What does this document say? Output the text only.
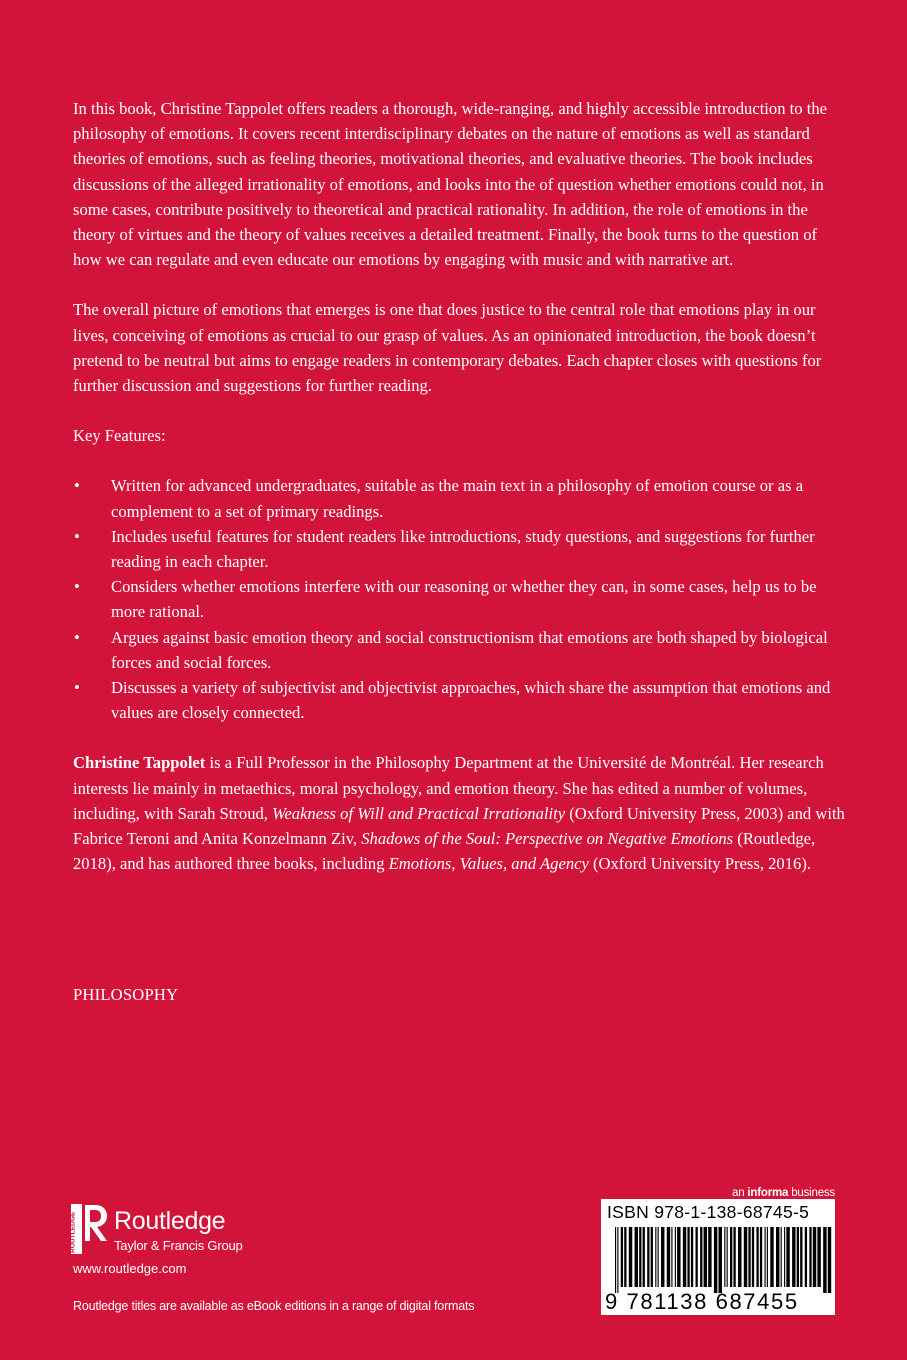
In this book, Christine Tappolet offers readers a thorough, wide-ranging, and highly accessible introduction to the philosophy of emotions. It covers recent interdisciplinary debates on the nature of emotions as well as standard theories of emotions, such as feeling theories, motivational theories, and evaluative theories. The book includes discussions of the alleged irrationality of emotions, and looks into the of question whether emotions could not, in some cases, contribute positively to theoretical and practical rationality. In addition, the role of emotions in the theory of virtues and the theory of values receives a detailed treatment. Finally, the book turns to the question of how we can regulate and even educate our emotions by engaging with music and with narrative art.

The overall picture of emotions that emerges is one that does justice to the central role that emotions play in our lives, conceiving of emotions as crucial to our grasp of values. As an opinionated introduction, the book doesn’t pretend to be neutral but aims to engage readers in contemporary debates. Each chapter closes with questions for further discussion and suggestions for further reading.

Key Features:

• Written for advanced undergraduates, suitable as the main text in a philosophy of emotion course or as a complement to a set of primary readings.
• Includes useful features for student readers like introductions, study questions, and suggestions for further reading in each chapter.
• Considers whether emotions interfere with our reasoning or whether they can, in some cases, help us to be more rational.
• Argues against basic emotion theory and social constructionism that emotions are both shaped by biological forces and social forces.
• Discusses a variety of subjectivist and objectivist approaches, which share the assumption that emotions and values are closely connected.

Christine Tappolet is a Full Professor in the Philosophy Department at the Université de Montréal. Her research interests lie mainly in metaethics, moral psychology, and emotion theory. She has edited a number of volumes, including, with Sarah Stroud, Weakness of Will and Practical Irrationality (Oxford University Press, 2003) and with Fabrice Teroni and Anita Konzelmann Ziv, Shadows of the Soul: Perspective on Negative Emotions (Routledge, 2018), and has authored three books, including Emotions, Values, and Agency (Oxford University Press, 2016).

PHILOSOPHY
ROUTLEDGE Routledge
Taylor & Francis Group
www.routledge.com
Routledge titles are available as eBook editions in a range of digital formats
an informa business
ISBN 978-1-138-68745-5
9 781138 687455
